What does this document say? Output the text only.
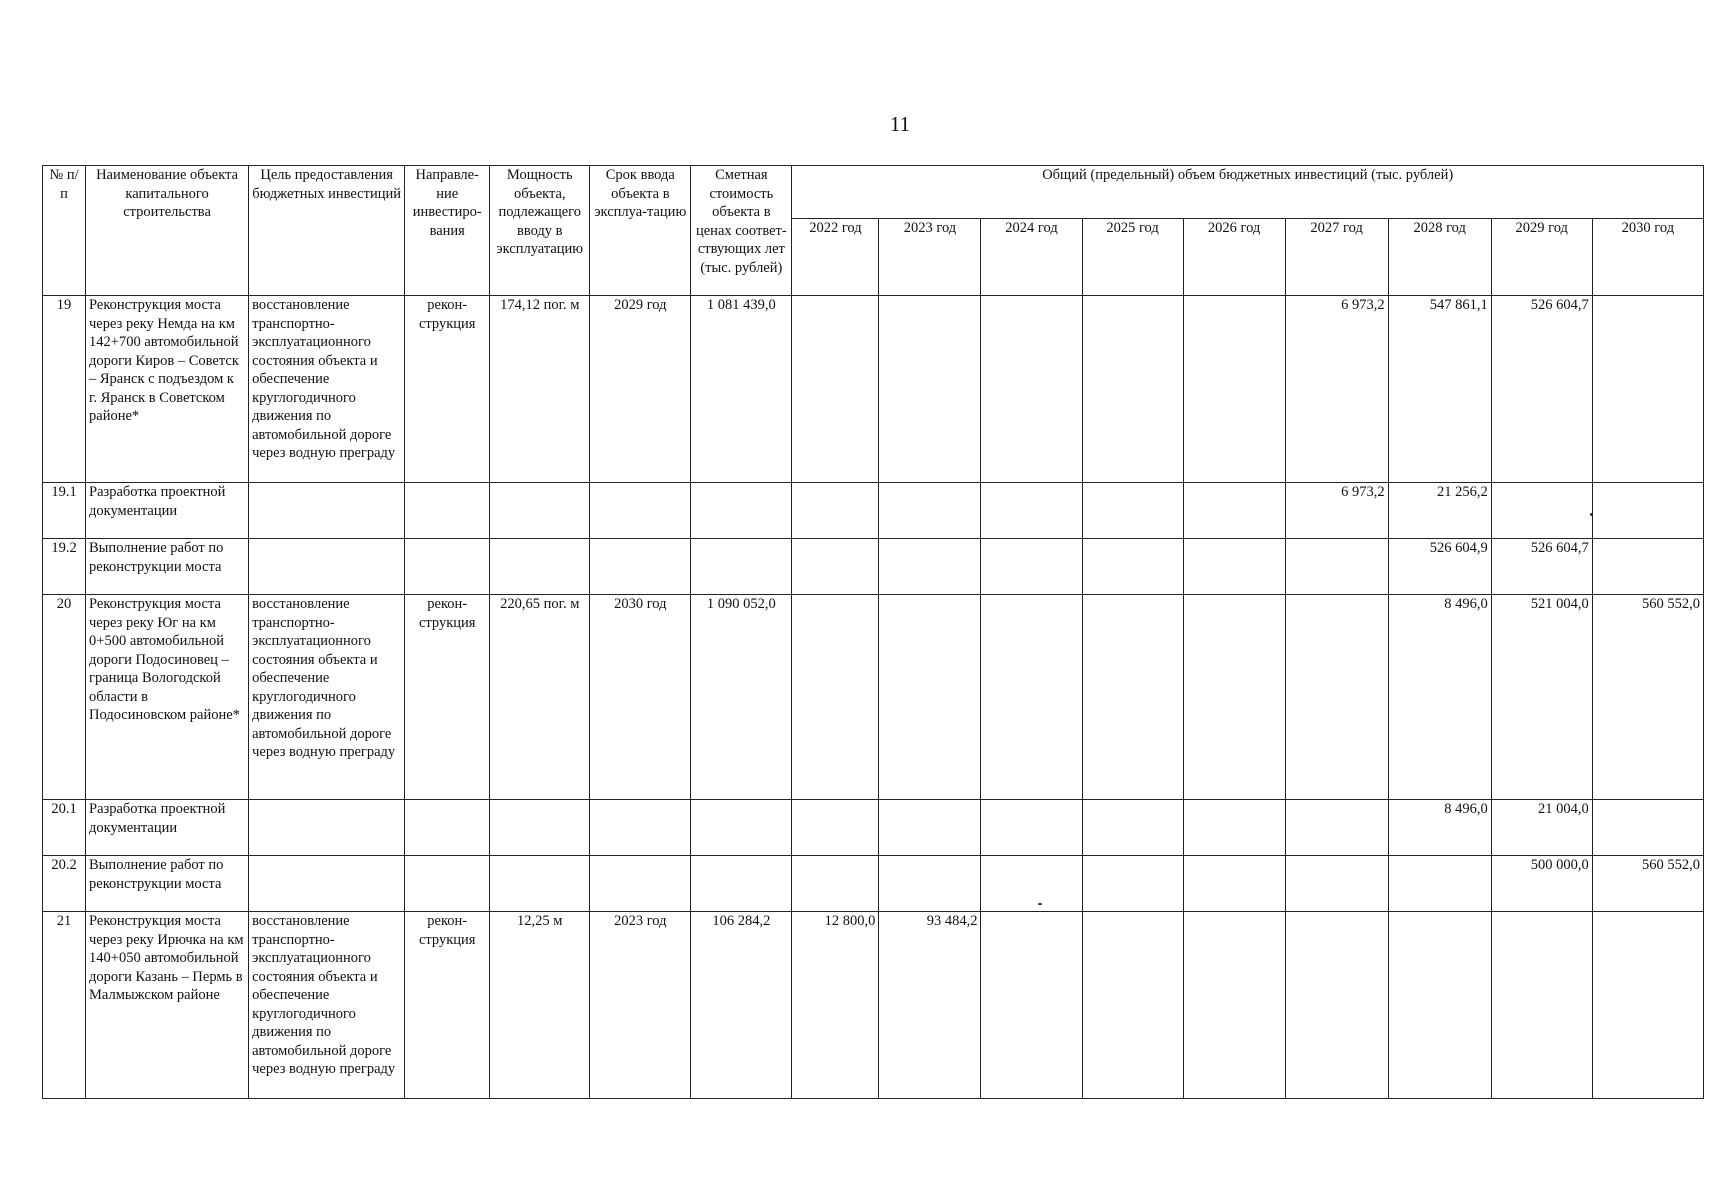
11
№ п/п	Наименование объекта капитального строительства	Цель предоставления бюджетных инвестиций	Направле-ние инвестиро-вания	Мощность объекта, подлежащего вводу в эксплуатацию	Срок ввода объекта в эксплуа-тацию	Сметная стоимость объекта в ценах соответ-ствующих лет (тыс. рублей)	Общий (предельный) объем бюджетных инвестиций (тыс. рублей)								
							2022 год	2023 год	2024 год	2025 год	2026 год	2027 год	2028 год	2029 год	2030 год
19	Реконструкция моста через реку Немда на км 142+700 автомобильной дороги Киров – Советск – Яранск с подъездом к г. Яранск в Советском районе*	восстановление транспортно-эксплуатационного состояния объекта и обеспечение круглогодичного движения по автомобильной дороге через водную преграду	рекон-струкция	174,12 пог. м	2029 год	1 081 439,0						6 973,2	547 861,1	526 604,7	
19.1	Разработка проектной документации											6 973,2	21 256,2		
19.2	Выполнение работ по реконструкции моста												526 604,9	526 604,7	
20	Реконструкция моста через реку Юг на км 0+500 автомобильной дороги Подосиновец – граница Вологодской области в Подосиновском районе*	восстановление транспортно-эксплуатационного состояния объекта и обеспечение круглогодичного движения по автомобильной дороге через водную преграду	рекон-струкция	220,65 пог. м	2030 год	1 090 052,0							8 496,0	521 004,0	560 552,0
20.1	Разработка проектной документации												8 496,0	21 004,0	
20.2	Выполнение работ по реконструкции моста													500 000,0	560 552,0
21	Реконструкция моста через реку Ирючка на км 140+050 автомобильной дороги Казань – Пермь в Малмыжском районе	восстановление транспортно-эксплуатационного состояния объекта и обеспечение круглогодичного движения по автомобильной дороге через водную преграду	рекон-струкция	12,25 м	2023 год	106 284,2	12 800,0	93 484,2							
